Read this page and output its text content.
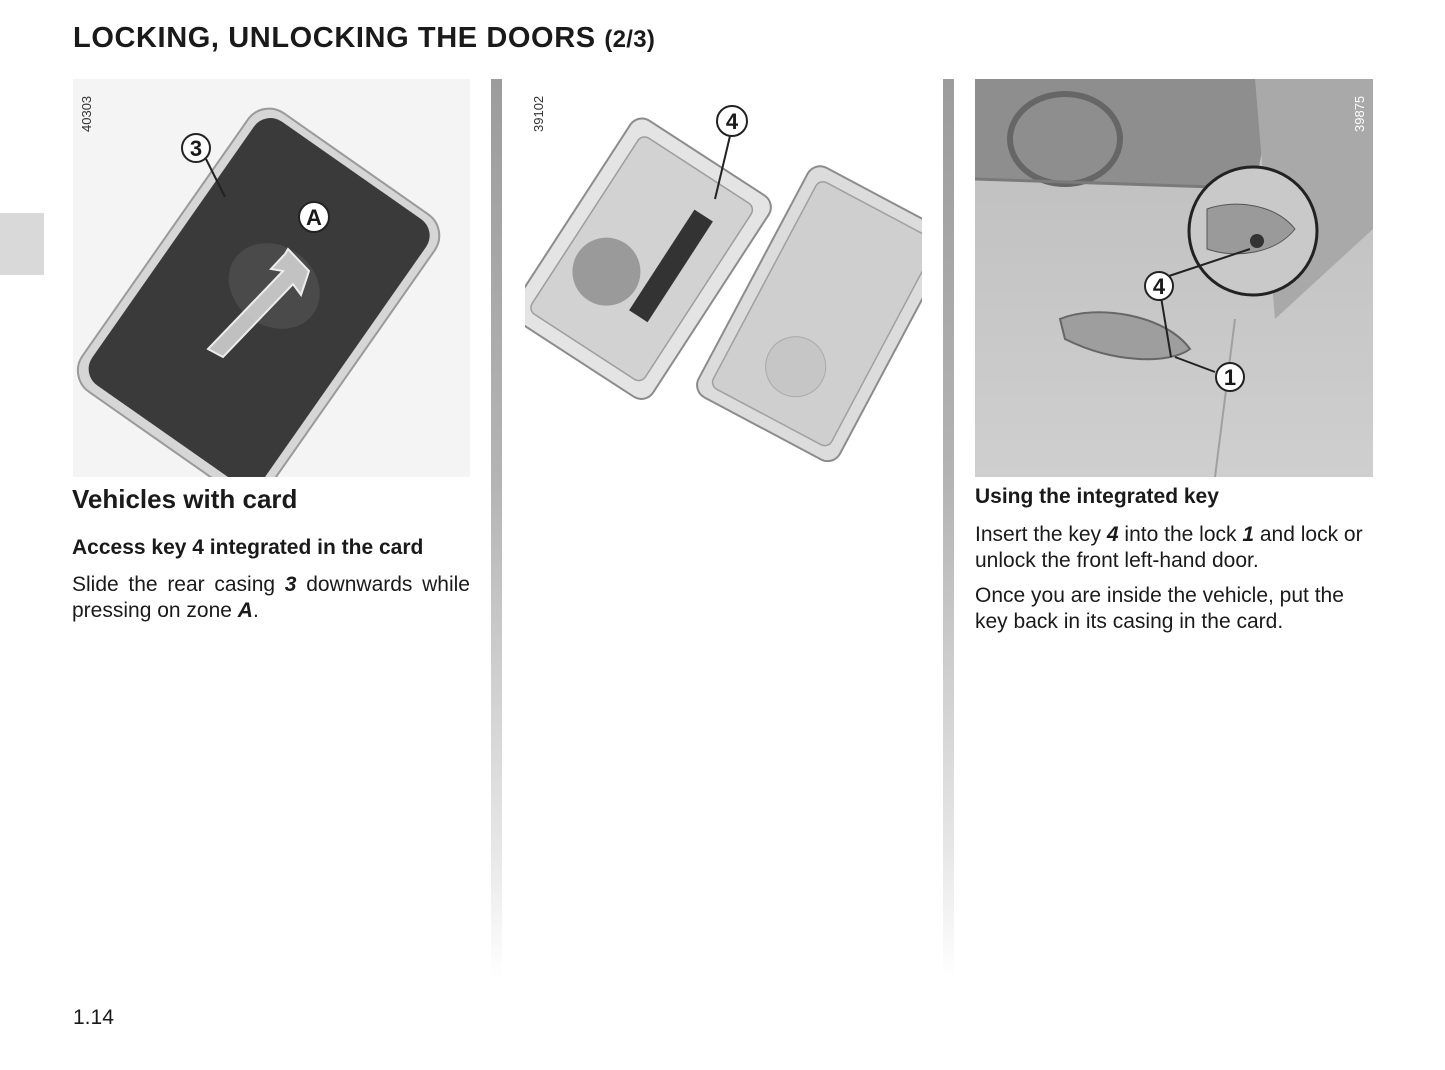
LOCKING, UNLOCKING THE DOORS (2/3)
3
A
40303	4
39102
4
1
39875
Vehicles with card
Access key 4 integrated in the card

Slide the rear casing 3 downwards while pressing on zone A.

Using the integrated key

Insert the key 4 into the lock 1 and lock or unlock the front left-hand door.

Once you are inside the vehicle, put the key back in its casing in the card.

1.14
